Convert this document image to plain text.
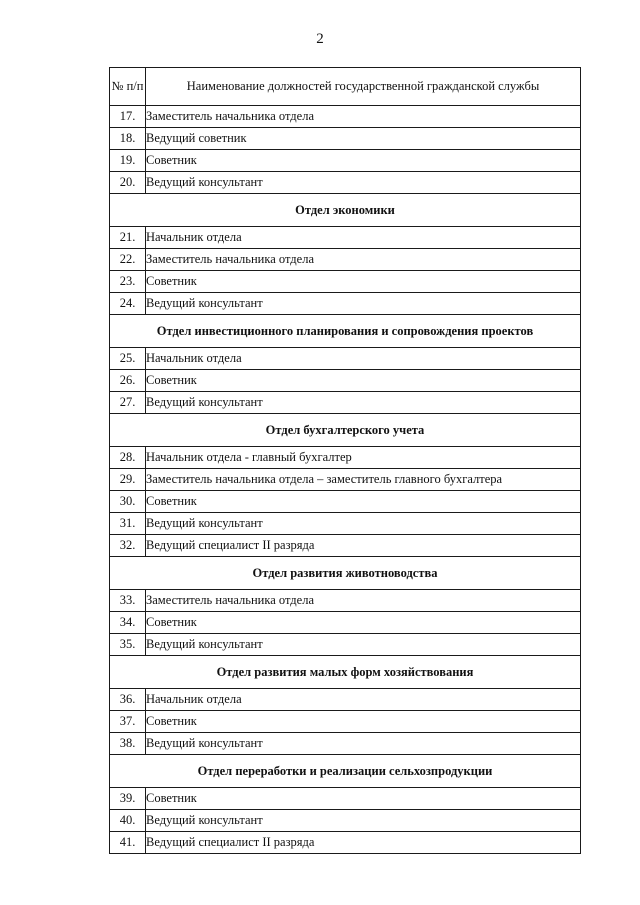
2
№ п/п	Наименование должностей государственной гражданской службы
17.	Заместитель начальника отдела
18.	Ведущий советник
19.	Советник
20.	Ведущий консультант
Отдел экономики	
21.	Начальник отдела
22.	Заместитель начальника отдела
23.	Советник
24.	Ведущий консультант
Отдел инвестиционного планирования и сопровождения проектов	
25.	Начальник отдела
26.	Советник
27.	Ведущий консультант
Отдел бухгалтерского учета	
28.	Начальник отдела - главный бухгалтер
29.	Заместитель начальника отдела – заместитель главного бухгалтера
30.	Советник
31.	Ведущий консультант
32.	Ведущий специалист II разряда
Отдел развития животноводства	
33.	Заместитель начальника отдела
34.	Советник
35.	Ведущий консультант
Отдел развития малых форм хозяйствования	
36.	Начальник отдела
37.	Советник
38.	Ведущий консультант
Отдел переработки и реализации сельхозпродукции	
39.	Советник
40.	Ведущий консультант
41.	Ведущий специалист II разряда
